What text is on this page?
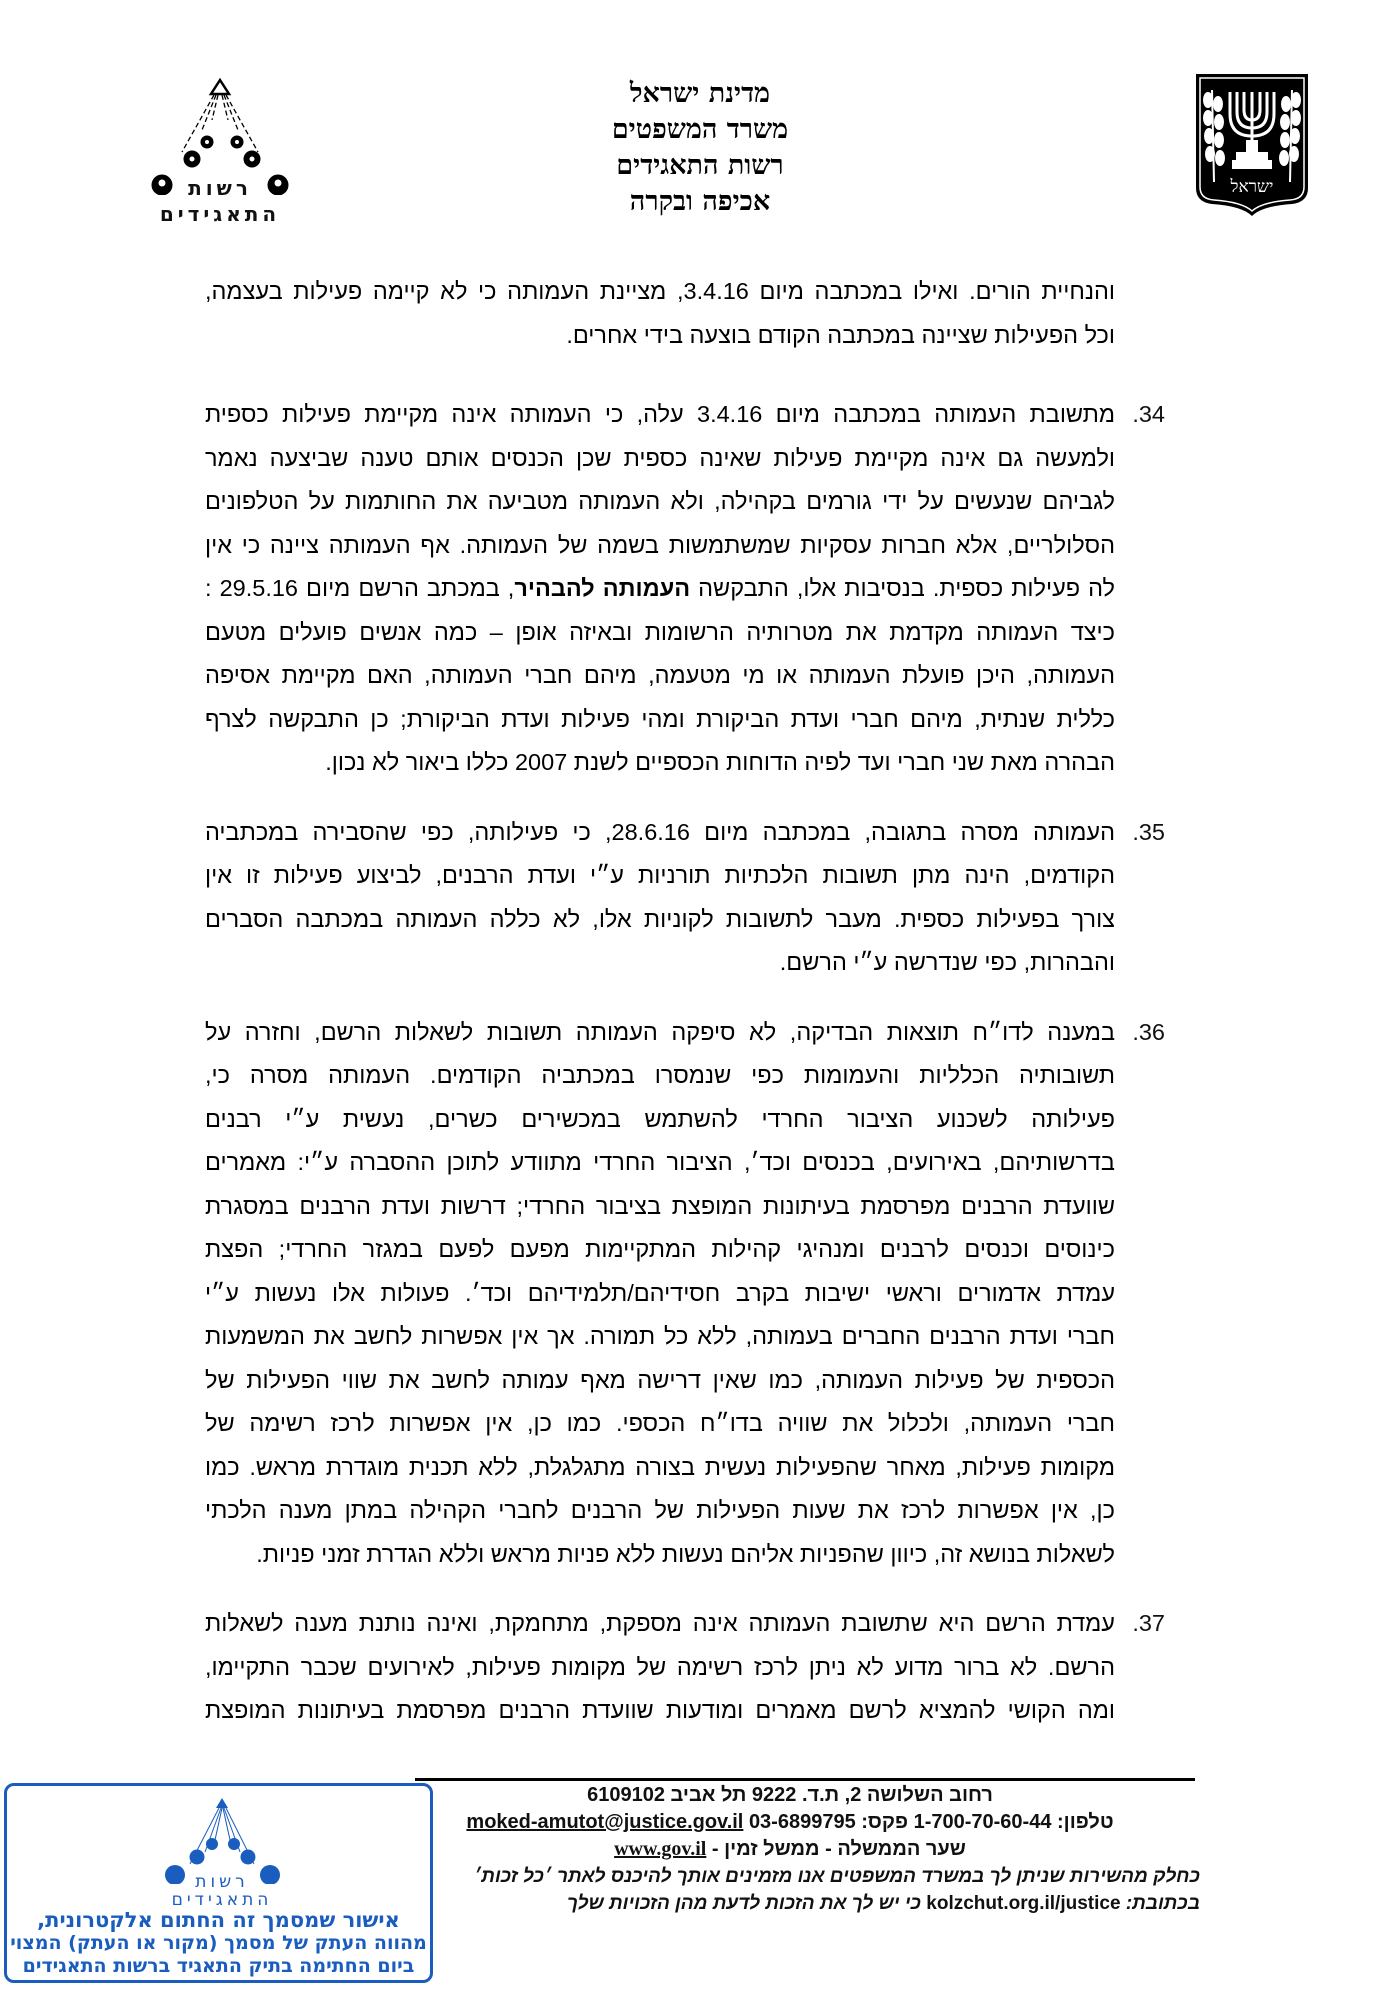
מדינת ישראל
משרד המשפטים
רשות התאגידים
אכיפה ובקרה	ישראל
רשות
התאגידים
והנחיית הורים. ואילו במכתבה מיום 3.4.16, מציינת העמותה כי לא קיימה פעילות בעצמה,
וכל הפעילות שציינה במכתבה הקודם בוצעה בידי אחרים.
34.
מתשובת העמותה במכתבה מיום 3.4.16 עלה, כי העמותה אינה מקיימת פעילות כספית
ולמעשה גם אינה מקיימת פעילות שאינה כספית שכן הכנסים אותם טענה שביצעה נאמר
לגביהם שנעשים על ידי גורמים בקהילה, ולא העמותה מטביעה את החותמות על הטלפונים
הסלולריים, אלא חברות עסקיות שמשתמשות בשמה של העמותה. אף העמותה ציינה כי אין
לה פעילות כספית. בנסיבות אלו, התבקשה העמותה להבהיר, במכתב הרשם מיום 29.5.16 :
כיצד העמותה מקדמת את מטרותיה הרשומות ובאיזה אופן – כמה אנשים פועלים מטעם
העמותה, היכן פועלת העמותה או מי מטעמה, מיהם חברי העמותה, האם מקיימת אסיפה
כללית שנתית, מיהם חברי ועדת הביקורת ומהי פעילות ועדת הביקורת; כן התבקשה לצרף
הבהרה מאת שני חברי ועד לפיה הדוחות הכספיים לשנת 2007 כללו ביאור לא נכון.
35.
העמותה מסרה בתגובה, במכתבה מיום 28.6.16, כי פעילותה, כפי שהסבירה במכתביה
הקודמים, הינה מתן תשובות הלכתיות תורניות ע״י ועדת הרבנים, לביצוע פעילות זו אין
צורך בפעילות כספית. מעבר לתשובות לקוניות אלו, לא כללה העמותה במכתבה הסברים
והבהרות, כפי שנדרשה ע״י הרשם.
36.
במענה לדו״ח תוצאות הבדיקה, לא סיפקה העמותה תשובות לשאלות הרשם, וחזרה על
תשובותיה הכלליות והעמומות כפי שנמסרו במכתביה הקודמים. העמותה מסרה כי,
פעילותה לשכנוע הציבור החרדי להשתמש במכשירים כשרים, נעשית ע״י רבנים
בדרשותיהם, באירועים, בכנסים וכד׳, הציבור החרדי מתוודע לתוכן ההסברה ע״י: מאמרים
שוועדת הרבנים מפרסמת בעיתונות המופצת בציבור החרדי; דרשות ועדת הרבנים במסגרת
כינוסים וכנסים לרבנים ומנהיגי קהילות המתקיימות מפעם לפעם במגזר החרדי; הפצת
עמדת אדמורים וראשי ישיבות בקרב חסידיהם/תלמידיהם וכד׳. פעולות אלו נעשות ע״י
חברי ועדת הרבנים החברים בעמותה, ללא כל תמורה. אך אין אפשרות לחשב את המשמעות
הכספית של פעילות העמותה, כמו שאין דרישה מאף עמותה לחשב את שווי הפעילות של
חברי העמותה, ולכלול את שוויה בדו״ח הכספי. כמו כן, אין אפשרות לרכז רשימה של
מקומות פעילות, מאחר שהפעילות נעשית בצורה מתגלגלת, ללא תכנית מוגדרת מראש. כמו
כן, אין אפשרות לרכז את שעות הפעילות של הרבנים לחברי הקהילה במתן מענה הלכתי
לשאלות בנושא זה, כיוון שהפניות אליהם נעשות ללא פניות מראש וללא הגדרת זמני פניות.
37.
עמדת הרשם היא שתשובת העמותה אינה מספקת, מתחמקת, ואינה נותנת מענה לשאלות
הרשם. לא ברור מדוע לא ניתן לרכז רשימה של מקומות פעילות, לאירועים שכבר התקיימו,
ומה הקושי להמציא לרשם מאמרים ומודעות שוועדת הרבנים מפרסמת בעיתונות המופצת
רחוב השלושה 2, ת.ד. 9222 תל אביב 6109102
טלפון: 1-700-70-60-44 פקס: 03-6899795 moked-amutot@justice.gov.il
שער הממשלה - ממשל זמין - www.gov.il
כחלק מהשירות שניתן לך במשרד המשפטים אנו מזמינים אותך להיכנס לאתר ׳כל זכות׳
בכתובת: kolzchut.org.il/justice כי יש לך את הזכות לדעת מהן הזכויות שלך
רשות
התאגידים
אישור שמסמך זה החתום אלקטרונית,
מהווה העתק של מסמך (מקור או העתק) המצוי
ביום החתימה בתיק התאגיד ברשות התאגידים
